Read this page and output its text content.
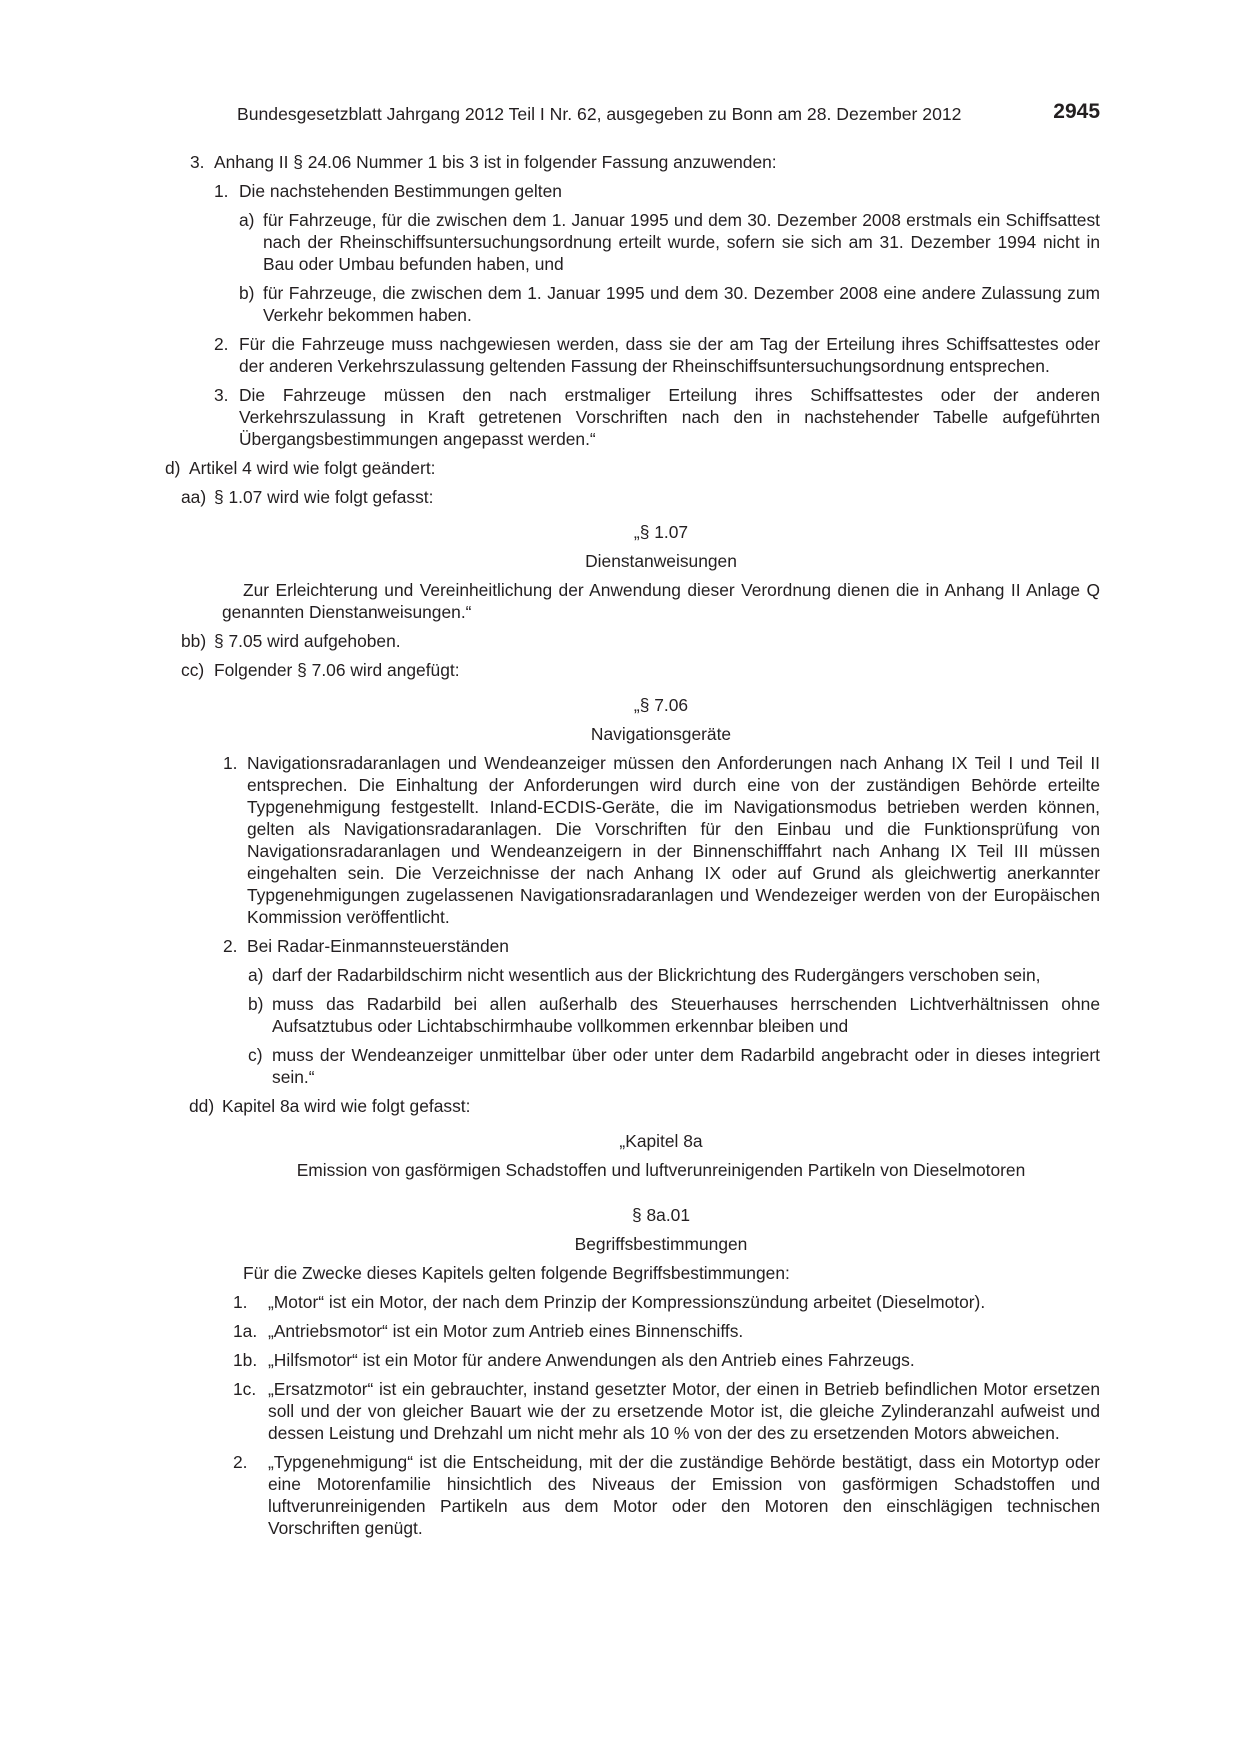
Bundesgesetzblatt Jahrgang 2012 Teil I Nr. 62, ausgegeben zu Bonn am 28. Dezember 2012	2945
3. Anhang II § 24.06 Nummer 1 bis 3 ist in folgender Fassung anzuwenden:
1. Die nachstehenden Bestimmungen gelten
a) für Fahrzeuge, für die zwischen dem 1. Januar 1995 und dem 30. Dezember 2008 erstmals ein Schiffsattest nach der Rheinschiffsuntersuchungsordnung erteilt wurde, sofern sie sich am 31. Dezember 1994 nicht in Bau oder Umbau befunden haben, und
b) für Fahrzeuge, die zwischen dem 1. Januar 1995 und dem 30. Dezember 2008 eine andere Zulassung zum Verkehr bekommen haben.
2. Für die Fahrzeuge muss nachgewiesen werden, dass sie der am Tag der Erteilung ihres Schiffsattestes oder der anderen Verkehrszulassung geltenden Fassung der Rheinschiffsuntersuchungsordnung entsprechen.
3. Die Fahrzeuge müssen den nach erstmaliger Erteilung ihres Schiffsattestes oder der anderen Verkehrszulassung in Kraft getretenen Vorschriften nach den in nachstehender Tabelle aufgeführten Übergangsbestimmungen angepasst werden.“
d) Artikel 4 wird wie folgt geändert:
aa) § 1.07 wird wie folgt gefasst:
„§ 1.07
Dienstanweisungen
Zur Erleichterung und Vereinheitlichung der Anwendung dieser Verordnung dienen die in Anhang II Anlage Q genannten Dienstanweisungen.“
bb) § 7.05 wird aufgehoben.
cc) Folgender § 7.06 wird angefügt:
„§ 7.06
Navigationsgeräte
1. Navigationsradaranlagen und Wendeanzeiger müssen den Anforderungen nach Anhang IX Teil I und Teil II entsprechen. Die Einhaltung der Anforderungen wird durch eine von der zuständigen Behörde erteilte Typgenehmigung festgestellt. Inland-ECDIS-Geräte, die im Navigationsmodus betrieben werden können, gelten als Navigationsradaranlagen. Die Vorschriften für den Einbau und die Funktionsprüfung von Navigationsradaranlagen und Wendeanzeigern in der Binnenschifffahrt nach Anhang IX Teil III müssen eingehalten sein. Die Verzeichnisse der nach Anhang IX oder auf Grund als gleichwertig anerkannter Typgenehmigungen zugelassenen Navigationsradaranlagen und Wendezeiger werden von der Europäischen Kommission veröffentlicht.
2. Bei Radar-Einmannsteuerständen
a) darf der Radarbildschirm nicht wesentlich aus der Blickrichtung des Rudergängers verschoben sein,
b) muss das Radarbild bei allen außerhalb des Steuerhauses herrschenden Lichtverhältnissen ohne Aufsatztubus oder Lichtabschirmhaube vollkommen erkennbar bleiben und
c) muss der Wendeanzeiger unmittelbar über oder unter dem Radarbild angebracht oder in dieses integriert sein.“
dd) Kapitel 8a wird wie folgt gefasst:
„Kapitel 8a
Emission von gasförmigen Schadstoffen und luftverunreinigenden Partikeln von Dieselmotoren
§ 8a.01
Begriffsbestimmungen
Für die Zwecke dieses Kapitels gelten folgende Begriffsbestimmungen:
1. „Motor“ ist ein Motor, der nach dem Prinzip der Kompressionszündung arbeitet (Dieselmotor).
1a. „Antriebsmotor“ ist ein Motor zum Antrieb eines Binnenschiffs.
1b. „Hilfsmotor“ ist ein Motor für andere Anwendungen als den Antrieb eines Fahrzeugs.
1c. „Ersatzmotor“ ist ein gebrauchter, instand gesetzter Motor, der einen in Betrieb befindlichen Motor ersetzen soll und der von gleicher Bauart wie der zu ersetzende Motor ist, die gleiche Zylinderanzahl aufweist und dessen Leistung und Drehzahl um nicht mehr als 10 % von der des zu ersetzenden Motors abweichen.
2. „Typgenehmigung“ ist die Entscheidung, mit der die zuständige Behörde bestätigt, dass ein Motortyp oder eine Motorenfamilie hinsichtlich des Niveaus der Emission von gasförmigen Schadstoffen und luftverunreinigenden Partikeln aus dem Motor oder den Motoren den einschlägigen technischen Vorschriften genügt.
